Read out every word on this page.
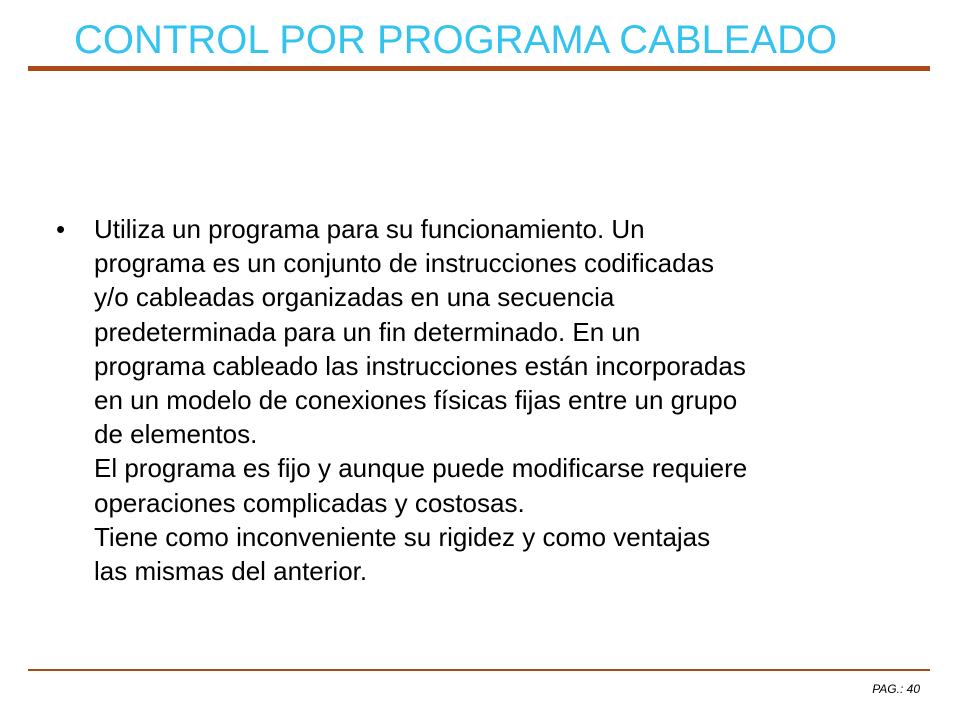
CONTROL POR PROGRAMA CABLEADO
• Utiliza un programa para su funcionamiento. Un
programa es un conjunto de instrucciones codificadas
y/o cableadas organizadas en una secuencia
predeterminada para un fin determinado. En un
programa cableado las instrucciones están incorporadas
en un modelo de conexiones físicas fijas entre un grupo
de elementos.
El programa es fijo y aunque puede modificarse requiere
operaciones complicadas y costosas.
Tiene como inconveniente su rigidez y como ventajas
las mismas del anterior.
PAG.: 40
